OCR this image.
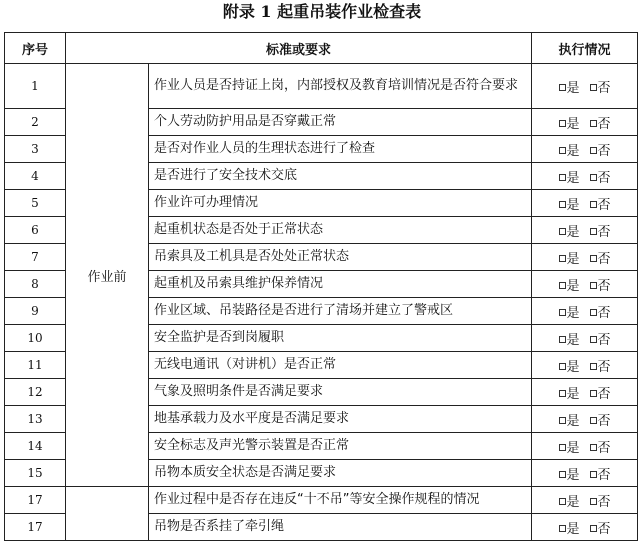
附录 1 起重吊装作业检查表
序号	标准或要求		执行情况
1	作业前	作业人员是否持证上岗，内部授权及教育培训情况是否符合要求	是 否
2		个人劳动防护用品是否穿戴正常	是 否
3		是否对作业人员的生理状态进行了检查	是 否
4		是否进行了安全技术交底	是 否
5		作业许可办理情况	是 否
6		起重机状态是否处于正常状态	是 否
7		吊索具及工机具是否处处正常状态	是 否
8		起重机及吊索具维护保养情况	是 否
9		作业区域、吊装路径是否进行了清场并建立了警戒区	是 否
10		安全监护是否到岗履职	是 否
11		无线电通讯（对讲机）是否正常	是 否
12		气象及照明条件是否满足要求	是 否
13		地基承载力及水平度是否满足要求	是 否
14		安全标志及声光警示装置是否正常	是 否
15		吊物本质安全状态是否满足要求	是 否
17		作业过程中是否存在违反“十不吊”等安全操作规程的情况	是 否
17		吊物是否系挂了牵引绳	是 否
